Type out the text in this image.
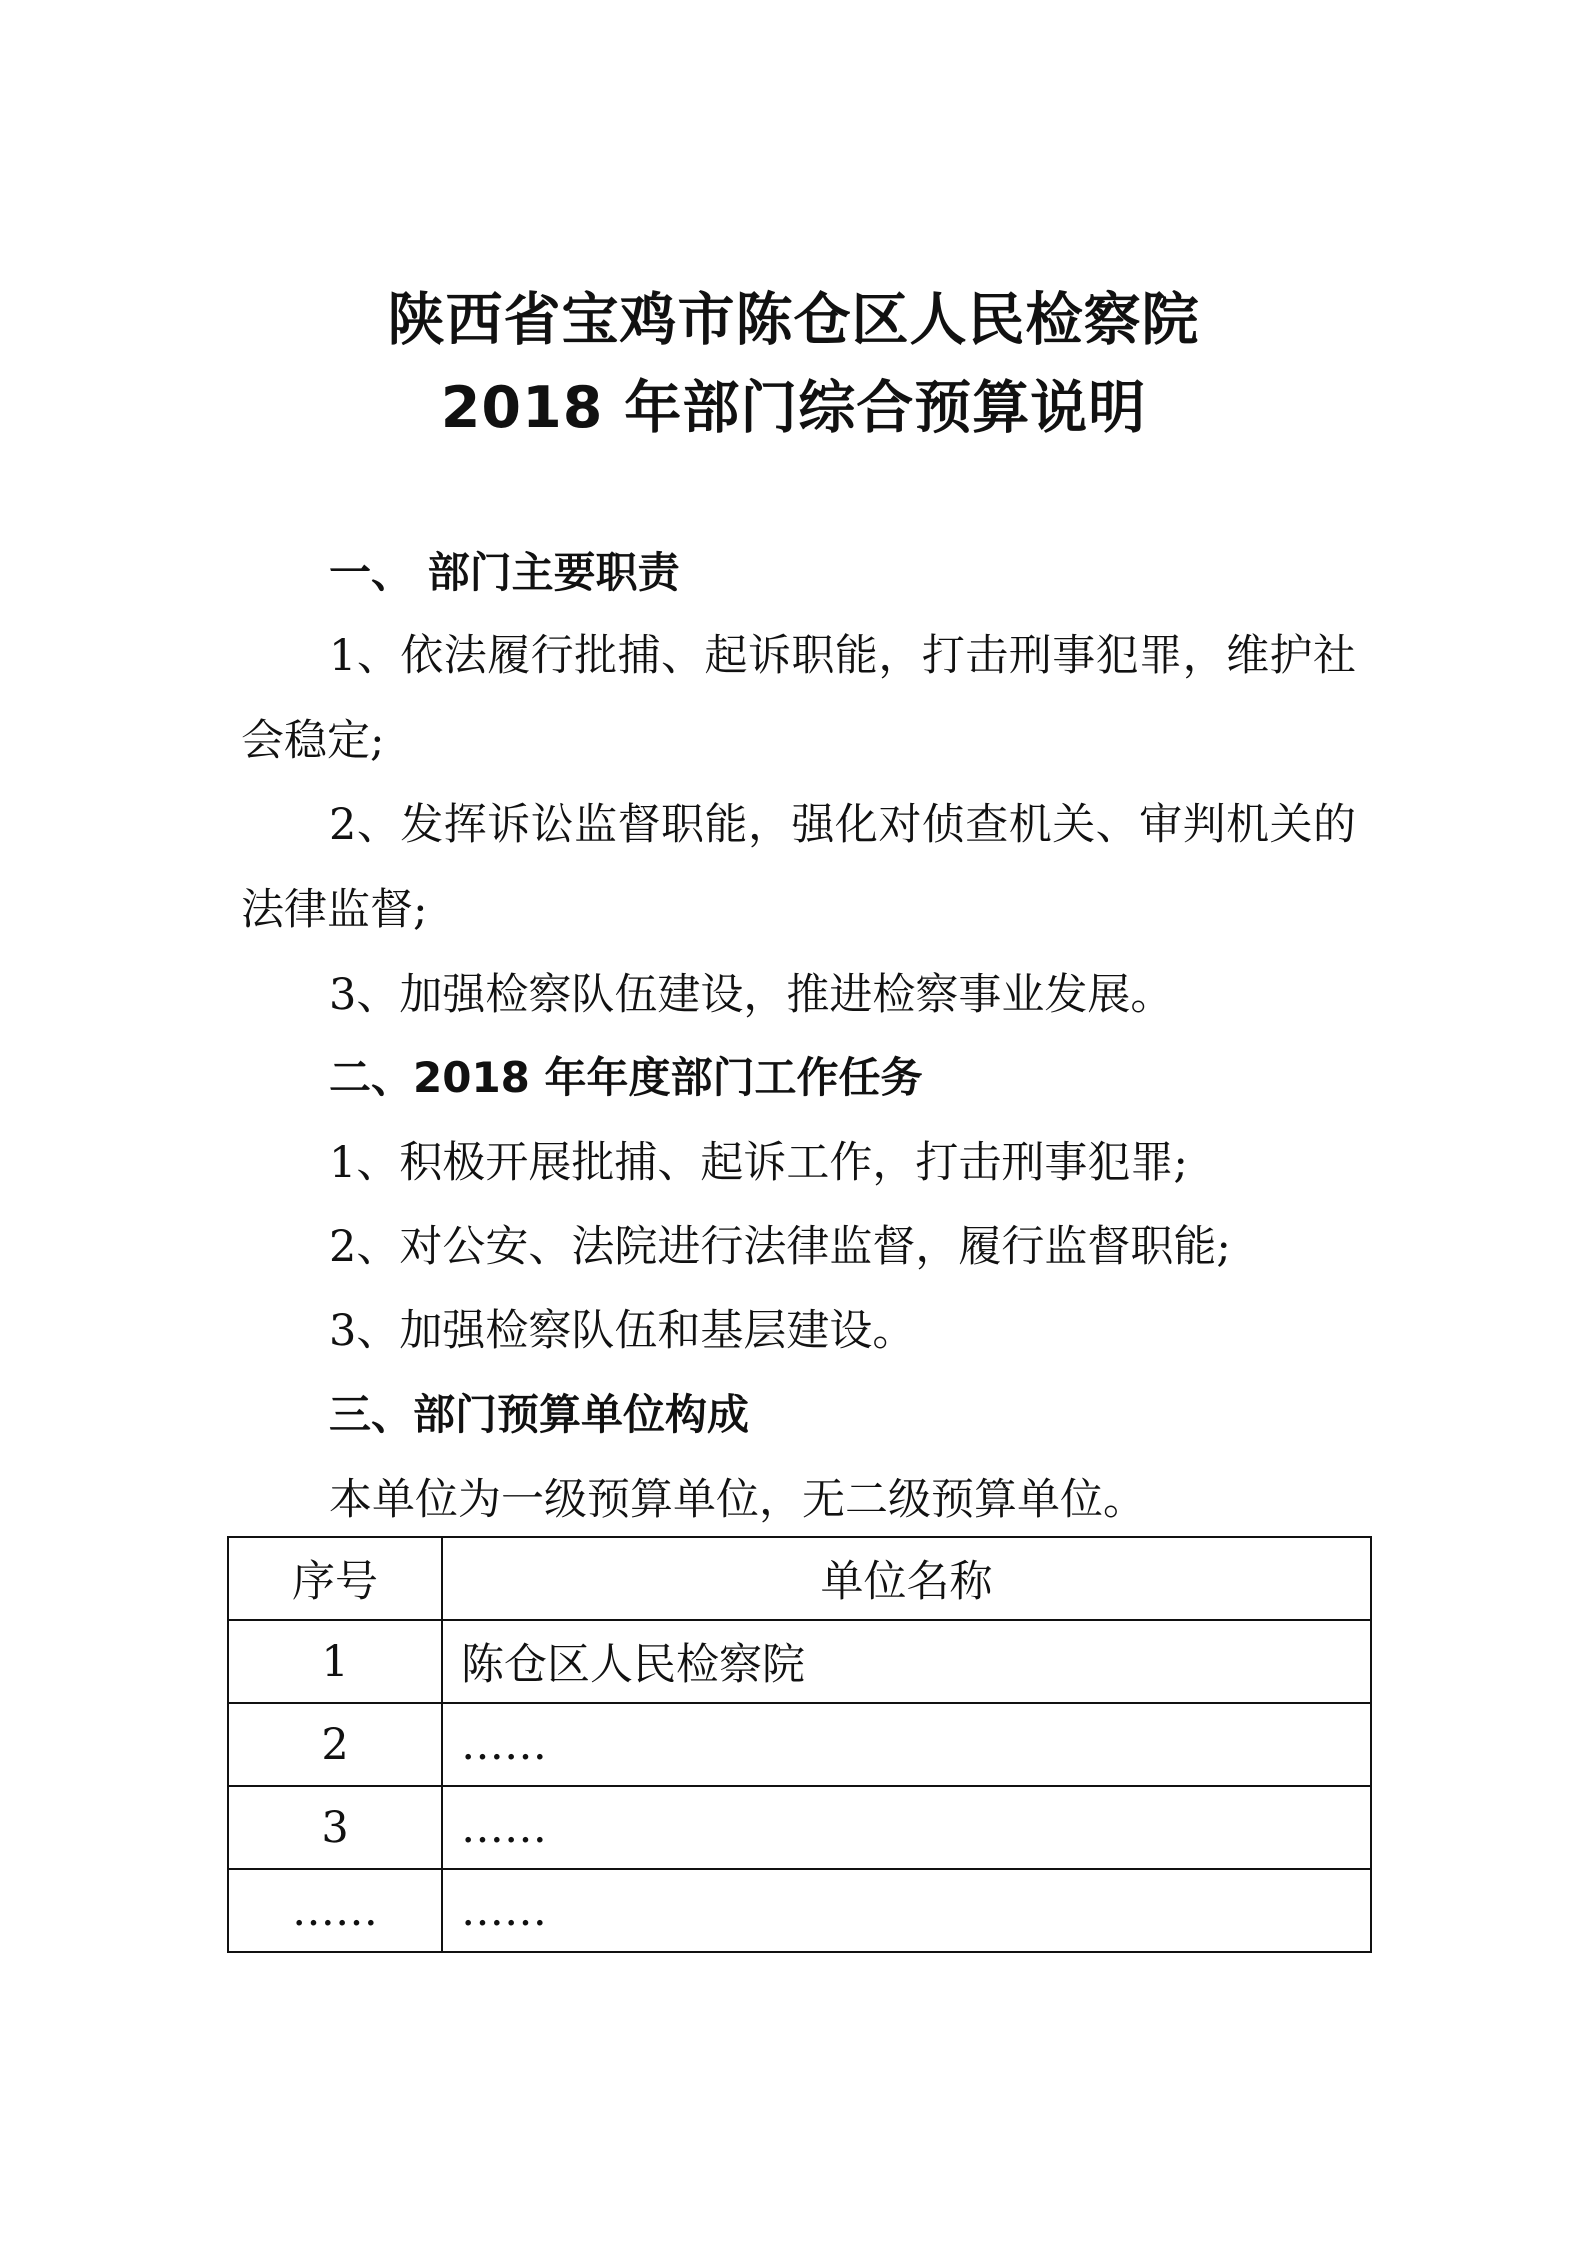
陕西省宝鸡市陈仓区人民检察院
2018 年部门综合预算说明
一、 部门主要职责
1、依法履行批捕、起诉职能，打击刑事犯罪，维护社
会稳定;
2、发挥诉讼监督职能，强化对侦查机关、审判机关的
法律监督;
3、加强检察队伍建设，推进检察事业发展。
二、2018 年年度部门工作任务
1、积极开展批捕、起诉工作，打击刑事犯罪;
2、对公安、法院进行法律监督，履行监督职能;
3、加强检察队伍和基层建设。
三、部门预算单位构成
本单位为一级预算单位，无二级预算单位。
序号	单位名称
1	陈仓区人民检察院
2	……
3	……
……	……
